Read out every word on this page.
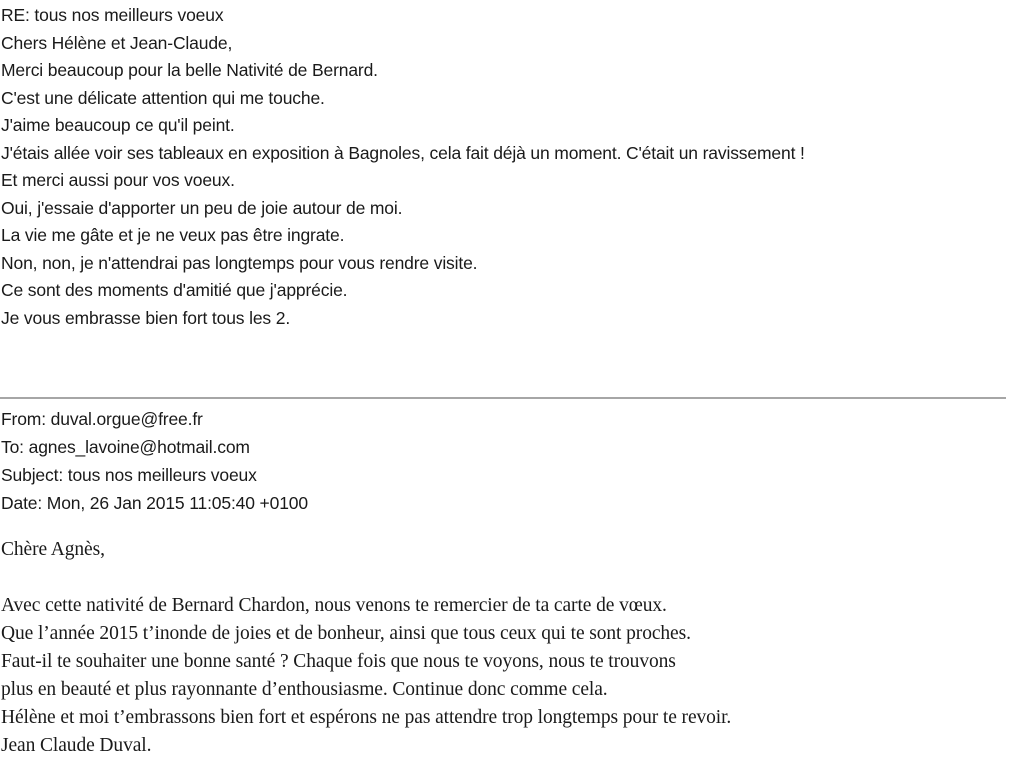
RE: tous nos meilleurs voeux
Chers Hélène et Jean-Claude,
Merci beaucoup pour la belle Nativité de Bernard.
C'est une délicate attention qui me touche.
J'aime beaucoup ce qu'il peint.
J'étais allée voir ses tableaux en exposition à Bagnoles, cela fait déjà un moment. C'était un ravissement !
Et merci aussi pour vos voeux.
Oui, j'essaie d'apporter un peu de joie autour de moi.
La vie me gâte et je ne veux pas être ingrate.
Non, non, je n'attendrai pas longtemps pour vous rendre visite.
Ce sont des moments d'amitié que j'apprécie.
Je vous embrasse bien fort tous les 2.
From: duval.orgue@free.fr
To: agnes_lavoine@hotmail.com
Subject: tous nos meilleurs voeux
Date: Mon, 26 Jan 2015 11:05:40 +0100
Chère Agnès,
Avec cette nativité de Bernard Chardon, nous venons te remercier de ta carte de vœux.
Que l’année 2015 t’inonde de joies et de bonheur, ainsi que tous ceux qui te sont proches.
Faut-il te souhaiter une bonne santé ? Chaque fois que nous te voyons, nous te trouvons
plus en beauté et plus rayonnante d’enthousiasme. Continue donc comme cela.
Hélène et moi t’embrassons bien fort et espérons ne pas attendre trop longtemps pour te revoir.
Jean Claude Duval.
